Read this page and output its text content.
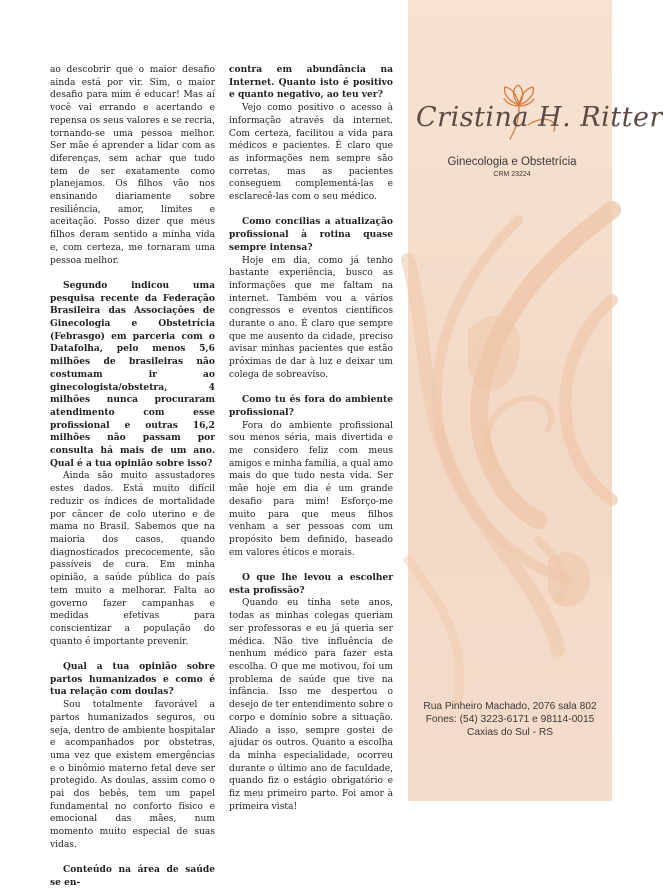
ao descobrir que o maior desafio ainda está por vir. Sim, o maior desafio para mim é educar! Mas aí você vai errando e acertando e repensa os seus valores e se recria, tornando-se uma pessoa melhor. Ser mãe é aprender a lidar com as diferenças, sem achar que tudo tem de ser exatamente como planejamos. Os filhos vão nos ensinando diariamente sobre resiliência, amor, limites e aceitação. Posso dizer que meus filhos deram sentido a minha vida e, com certeza, me tornaram uma pessoa melhor.

Segundo indicou uma pesquisa recente da Federação Brasileira das Associações de Ginecologia e Obstetrícia (Febrasgo) em parceria com o Datafolha, pelo menos 5,6 milhões de brasileiras não costumam ir ao ginecologista/obstetra, 4 milhões nunca procuraram atendimento com esse profissional e outras 16,2 milhões não passam por consulta há mais de um ano. Qual é a tua opinião sobre isso?

Ainda são muito assustadores estes dados. Está muito difícil reduzir os índices de mortalidade por câncer de colo uterino e de mama no Brasil. Sabemos que na maioria dos casos, quando diagnosticados precocemente, são passíveis de cura. Em minha opinião, a saúde pública do país tem muito a melhorar. Falta ao governo fazer campanhas e medidas efetivas para conscientizar a população do quanto é importante prevenir.

Qual a tua opinião sobre partos humanizados e como é tua relação com doulas?

Sou totalmente favorável a partos humanizados seguros, ou seja, dentro de ambiente hospitalar e acompanhados por obstetras, uma vez que existem emergências e o binômio materno fetal deve ser protegido. As doulas, assim como o pai dos bebês, tem um papel fundamental no conforto físico e emocional das mães, num momento muito especial de suas vidas.

Conteúdo na área de saúde se en-

contra em abundância na Internet. Quanto isto é positivo e quanto negativo, ao teu ver?

Vejo como positivo o acesso à informação através da internet. Com certeza, facilitou a vida para médicos e pacientes. É claro que as informações nem sempre são corretas, mas as pacientes conseguem complementá-las e esclarecê-las com o seu médico.

Como concilias a atualização profissional à rotina quase sempre intensa?

Hoje em dia, como já tenho bastante experiência, busco as informações que me faltam na internet. Também vou a vários congressos e eventos científicos durante o ano. É claro que sempre que me ausento da cidade, preciso avisar minhas pacientes que estão próximas de dar à luz e deixar um colega de sobreaviso.

Como tu és fora do ambiente profissional?

Fora do ambiente profissional sou menos séria, mais divertida e me considero feliz com meus amigos e minha família, a qual amo mais do que tudo nesta vida. Ser mãe hoje em dia é um grande desafio para mim! Esforço-me muito para que meus filhos venham a ser pessoas com um propósito bem definido, baseado em valores éticos e morais.

O que lhe levou a escolher esta profissão?

Quando eu tinha sete anos, todas as minhas colegas queriam ser professoras e eu já queria ser médica. Não tive influência de nenhum médico para fazer esta escolha. O que me motivou, foi um problema de saúde que tive na infância. Isso me despertou o desejo de ter entendimento sobre o corpo e domínio sobre a situação. Aliado a isso, sempre gostei de ajudar os outros. Quanto a escolha da minha especialidade, ocorreu durante o último ano de faculdade, quando fiz o estágio obrigatório e fiz meu primeiro parto. Foi amor à primeira vista!

Cristina H. Ritter
Ginecologia e Obstetrícia
CRM 23224
Rua Pinheiro Machado, 2076 sala 802
Fones: (54) 3223-6171 e 98114-0015
Caxias do Sul - RS
